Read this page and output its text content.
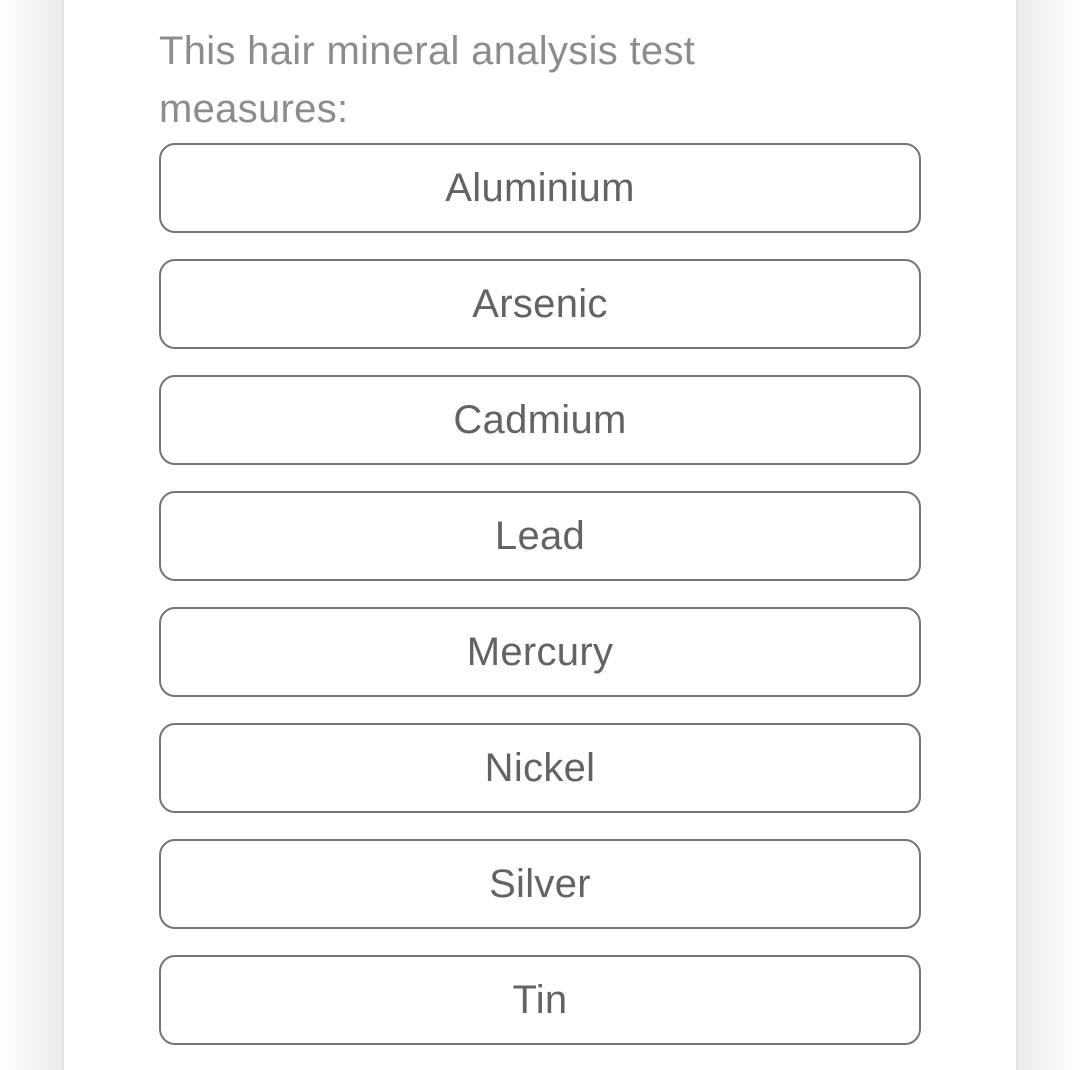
This hair mineral analysis test
measures:
Aluminium
Arsenic
Cadmium
Lead
Mercury
Nickel
Silver
Tin
